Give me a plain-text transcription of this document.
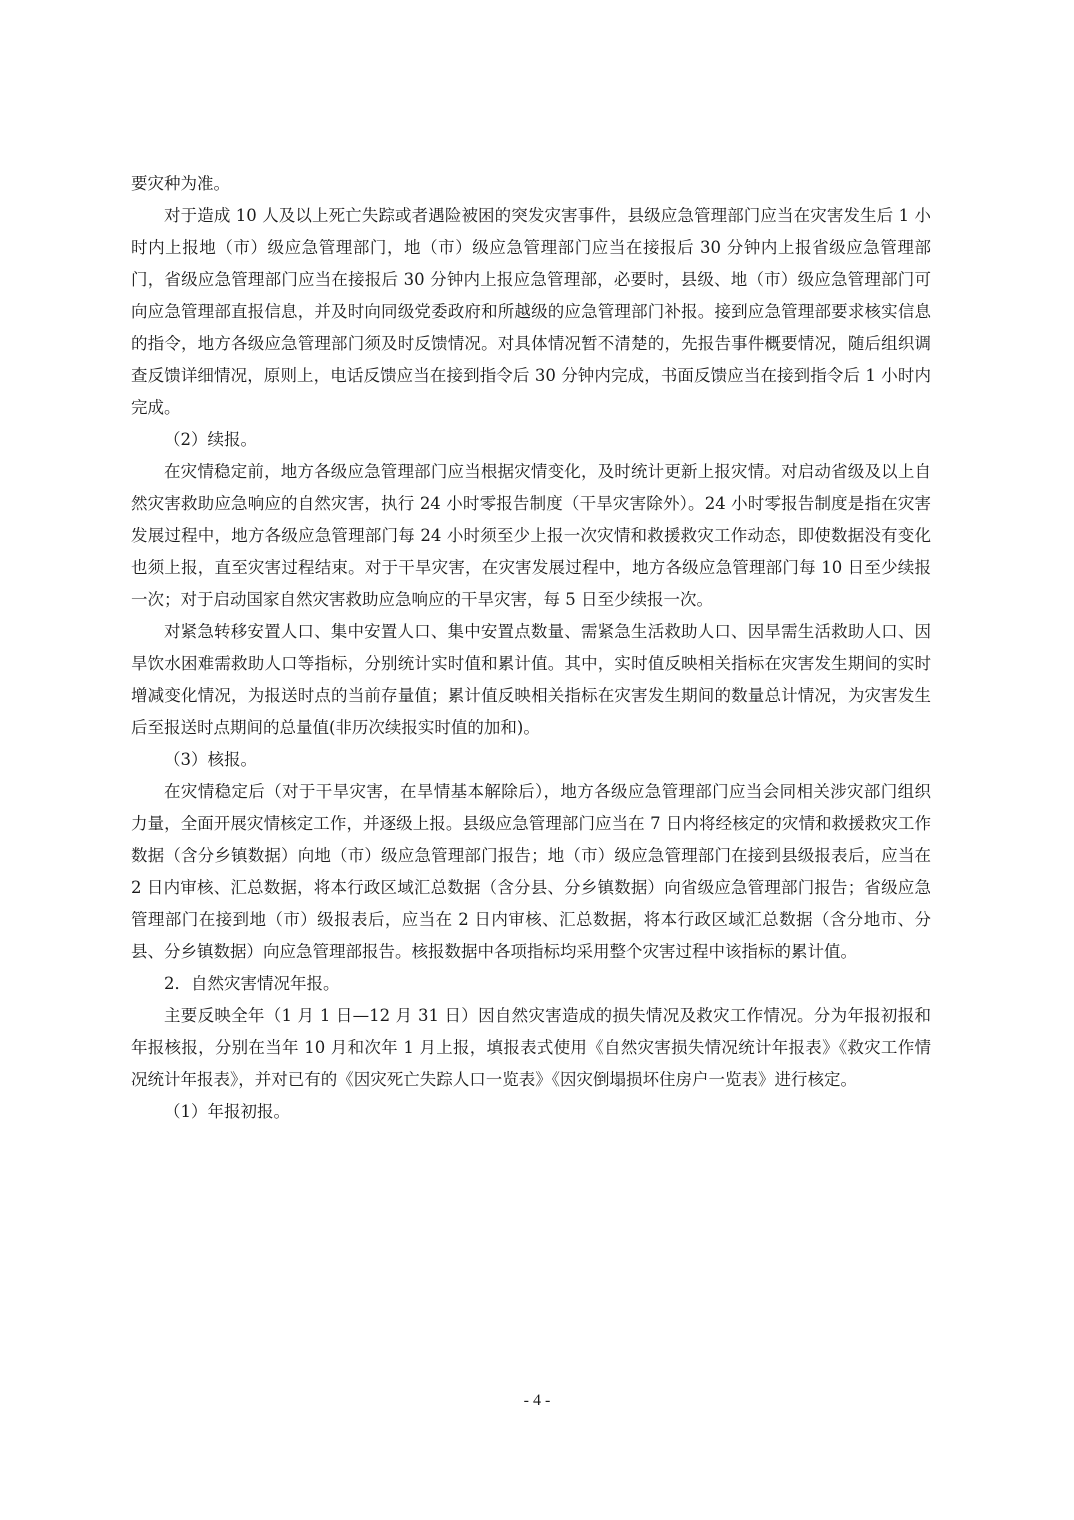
要灾种为准。

对于造成 10 人及以上死亡失踪或者遇险被困的突发灾害事件，县级应急管理部门应当在灾害发生后 1 小时内上报地（市）级应急管理部门，地（市）级应急管理部门应当在接报后 30 分钟内上报省级应急管理部门，省级应急管理部门应当在接报后 30 分钟内上报应急管理部，必要时，县级、地（市）级应急管理部门可向应急管理部直报信息，并及时向同级党委政府和所越级的应急管理部门补报。接到应急管理部要求核实信息的指令，地方各级应急管理部门须及时反馈情况。对具体情况暂不清楚的，先报告事件概要情况，随后组织调查反馈详细情况，原则上，电话反馈应当在接到指令后 30 分钟内完成，书面反馈应当在接到指令后 1 小时内完成。

（2）续报。

在灾情稳定前，地方各级应急管理部门应当根据灾情变化，及时统计更新上报灾情。对启动省级及以上自然灾害救助应急响应的自然灾害，执行 24 小时零报告制度（干旱灾害除外）。24 小时零报告制度是指在灾害发展过程中，地方各级应急管理部门每 24 小时须至少上报一次灾情和救援救灾工作动态，即使数据没有变化也须上报，直至灾害过程结束。对于干旱灾害，在灾害发展过程中，地方各级应急管理部门每 10 日至少续报一次；对于启动国家自然灾害救助应急响应的干旱灾害，每 5 日至少续报一次。

对紧急转移安置人口、集中安置人口、集中安置点数量、需紧急生活救助人口、因旱需生活救助人口、因旱饮水困难需救助人口等指标，分别统计实时值和累计值。其中，实时值反映相关指标在灾害发生期间的实时增减变化情况，为报送时点的当前存量值；累计值反映相关指标在灾害发生期间的数量总计情况，为灾害发生后至报送时点期间的总量值(非历次续报实时值的加和)。

（3）核报。

在灾情稳定后（对于干旱灾害，在旱情基本解除后），地方各级应急管理部门应当会同相关涉灾部门组织力量，全面开展灾情核定工作，并逐级上报。县级应急管理部门应当在 7 日内将经核定的灾情和救援救灾工作数据（含分乡镇数据）向地（市）级应急管理部门报告；地（市）级应急管理部门在接到县级报表后，应当在 2 日内审核、汇总数据，将本行政区域汇总数据（含分县、分乡镇数据）向省级应急管理部门报告；省级应急管理部门在接到地（市）级报表后，应当在 2 日内审核、汇总数据，将本行政区域汇总数据（含分地市、分县、分乡镇数据）向应急管理部报告。核报数据中各项指标均采用整个灾害过程中该指标的累计值。

2．自然灾害情况年报。

主要反映全年（1 月 1 日—12 月 31 日）因自然灾害造成的损失情况及救灾工作情况。分为年报初报和年报核报，分别在当年 10 月和次年 1 月上报，填报表式使用《自然灾害损失情况统计年报表》《救灾工作情况统计年报表》，并对已有的《因灾死亡失踪人口一览表》《因灾倒塌损坏住房户一览表》进行核定。

（1）年报初报。

- 4 -
